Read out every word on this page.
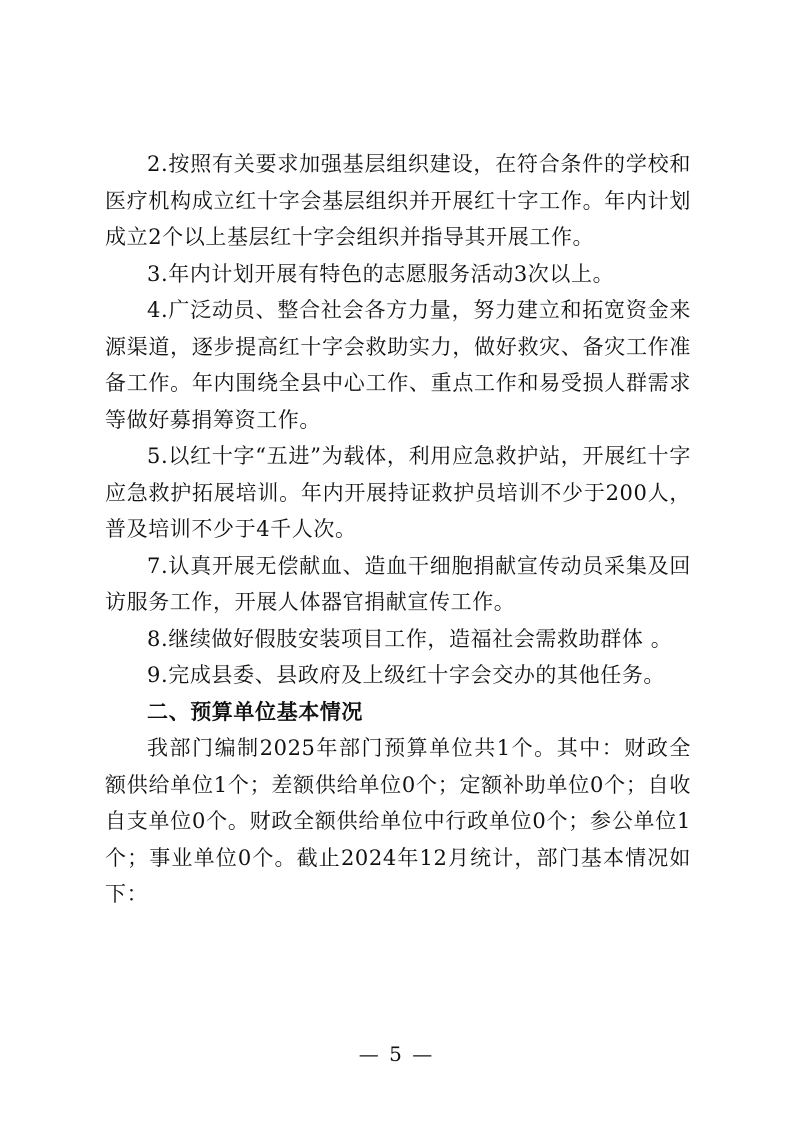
2.按照有关要求加强基层组织建设，在符合条件的学校和医疗机构成立红十字会基层组织并开展红十字工作。年内计划成立2个以上基层红十字会组织并指导其开展工作。

3.年内计划开展有特色的志愿服务活动3次以上。

4.广泛动员、整合社会各方力量，努力建立和拓宽资金来源渠道，逐步提高红十字会救助实力，做好救灾、备灾工作准备工作。年内围绕全县中心工作、重点工作和易受损人群需求等做好募捐筹资工作。

5.以红十字“五进”为载体，利用应急救护站，开展红十字应急救护拓展培训。年内开展持证救护员培训不少于200人，普及培训不少于4千人次。

7.认真开展无偿献血、造血干细胞捐献宣传动员采集及回访服务工作，开展人体器官捐献宣传工作。

8.继续做好假肢安装项目工作，造福社会需救助群体 。

9.完成县委、县政府及上级红十字会交办的其他任务。

二、预算单位基本情况

我部门编制2025年部门预算单位共1个。其中：财政全额供给单位1个；差额供给单位0个；定额补助单位0个；自收自支单位0个。财政全额供给单位中行政单位0个；参公单位1个；事业单位0个。截止2024年12月统计，部门基本情况如下：

— 5 —
